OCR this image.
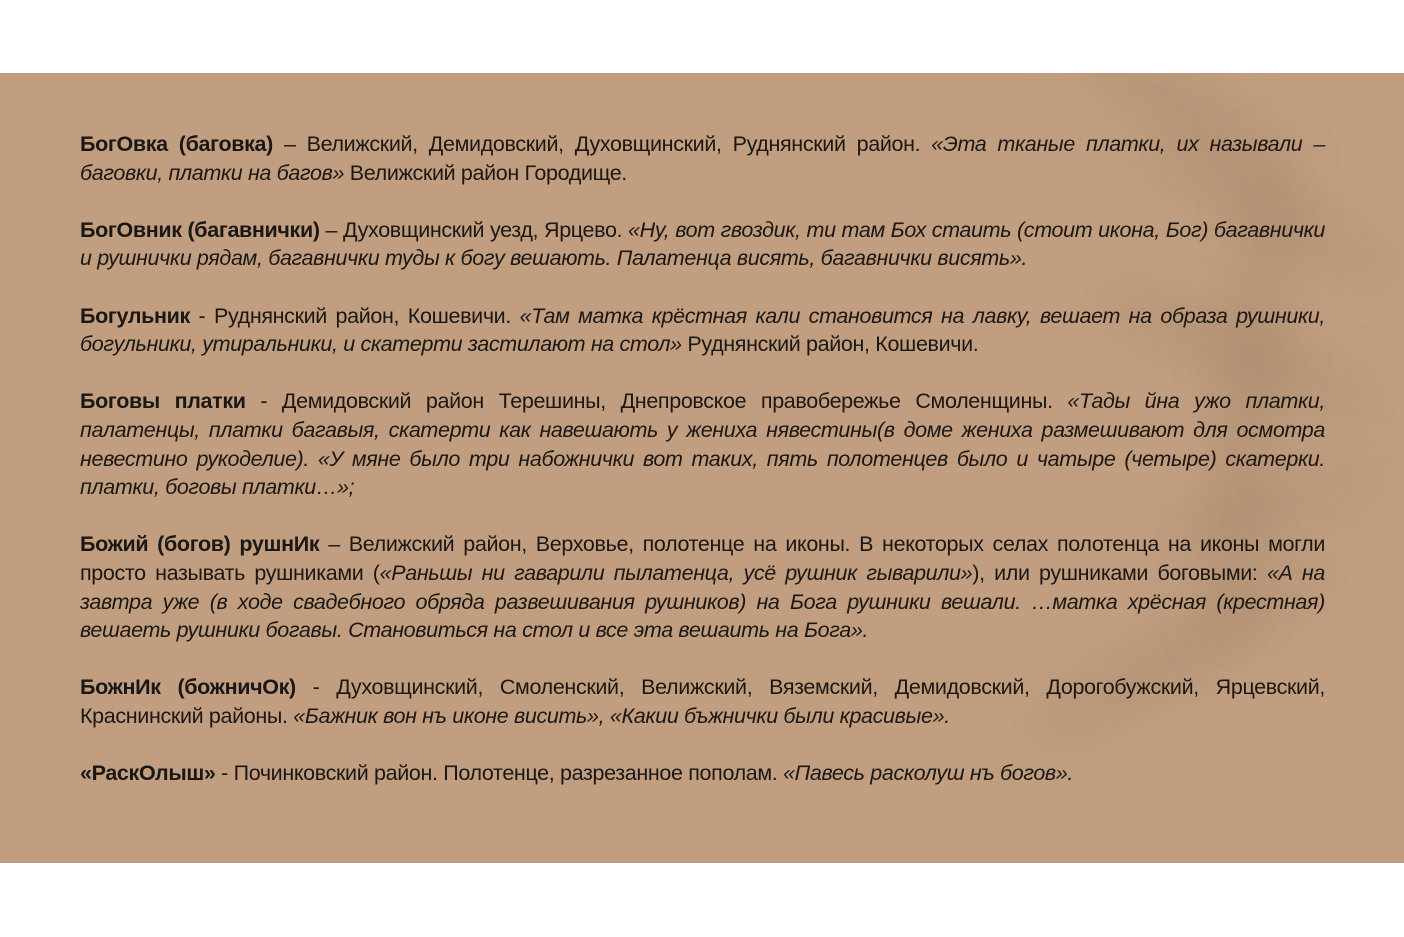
БогОвка (баговка) – Велижский, Демидовский, Духовщинский, Руднянский район. «Эта тканые платки, их называли – баговки, платки на багов» Велижский район Городище.

БогОвник (багавнички) – Духовщинский уезд, Ярцево. «Ну, вот гвоздик, ти там Бох стаить (стоит икона, Бог) багавнички и рушнички рядам, багавнички туды к богу вешають. Палатенца висять, багавнички висять».

Богульник - Руднянский район, Кошевичи. «Там матка крёстная кали становится на лавку, вешает на образа рушники, богульники, утиральники, и скатерти застилают на стол» Руднянский район, Кошевичи.

Боговы платки - Демидовский район Терешины, Днепровское правобережье Смоленщины. «Тады йна ужо платки, палатенцы, платки багавыя, скатерти как навешають у жениха нявестины(в доме жениха размешивают для осмотра невестино рукоделие). «У мяне было три набожнички вот таких, пять полотенцев было и чатыре (четыре) скатерки. платки, боговы платки…»;

Божий (богов) рушнИк – Велижский район, Верховье, полотенце на иконы. В некоторых селах полотенца на иконы могли просто называть рушниками («Раньшы ни гаварили пылатенца, усё рушник гыварили»), или рушниками боговыми: «А на завтра уже (в ходе свадебного обряда развешивания рушников) на Бога рушники вешали. …матка хрёсная (крестная) вешаеть рушники богавы. Становиться на стол и все эта вешаить на Бога».

БожнИк (божничОк) - Духовщинский, Смоленский, Велижский, Вяземский, Демидовский, Дорогобужский, Ярцевский, Краснинский районы. «Бажник вон нъ иконе висить», «Какии бъжнички были красивые».

«РаскОлыш» - Починковский район. Полотенце, разрезанное пополам. «Павесь расколуш нъ богов».
